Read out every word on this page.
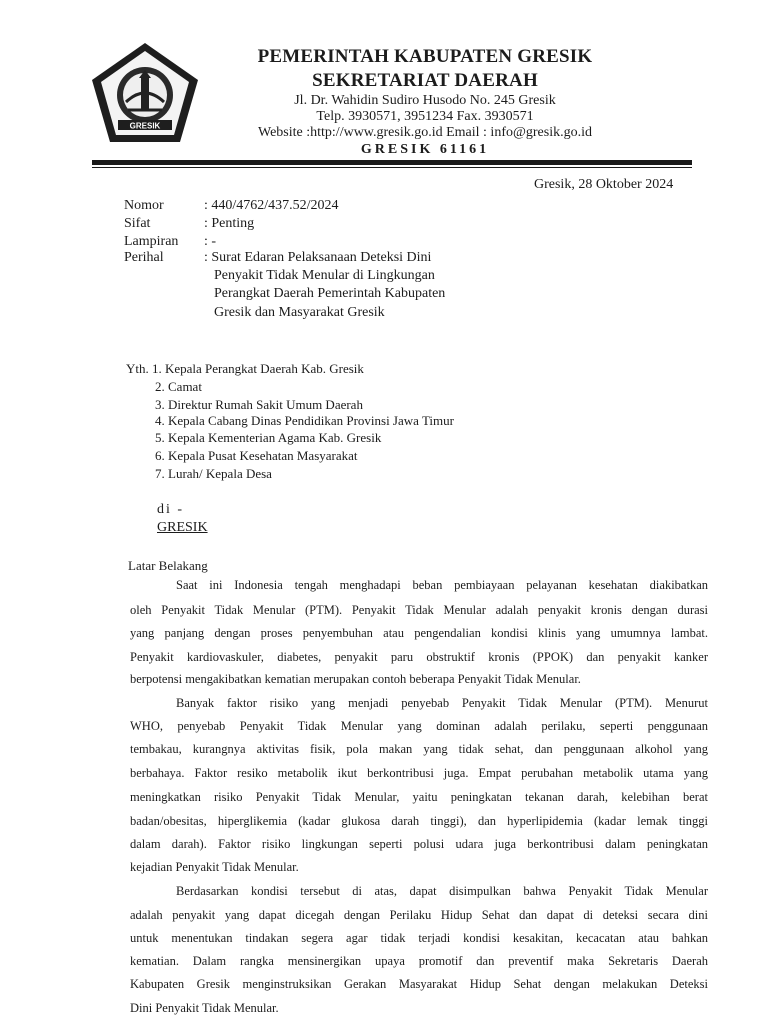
GRESIK
PEMERINTAH KABUPATEN GRESIK
SEKRETARIAT DAERAH
Jl. Dr. Wahidin Sudiro Husodo No. 245 Gresik
Telp. 3930571, 3951234 Fax. 3930571
Website :http://www.gresik.go.id Email : info@gresik.go.id
GRESIK 61161
Gresik, 28 Oktober 2024
Nomor	: 440/4762/437.52/2024
Sifat	: Penting
Lampiran : -
Perihal	: Surat Edaran Pelaksanaan Deteksi Dini
Penyakit Tidak Menular di Lingkungan
Perangkat Daerah Pemerintah Kabupaten
Gresik dan Masyarakat Gresik
Yth. 1. Kepala Perangkat Daerah Kab. Gresik
2. Camat
3. Direktur Rumah Sakit Umum Daerah
4. Kepala Cabang Dinas Pendidikan Provinsi Jawa Timur
5. Kepala Kementerian Agama Kab. Gresik
6. Kepala Pusat Kesehatan Masyarakat
7. Lurah/ Kepala Desa
di -
GRESIK
Latar Belakang
Saat ini Indonesia tengah menghadapi beban pembiayaan pelayanan kesehatan diakibatkan
oleh Penyakit Tidak Menular (PTM). Penyakit Tidak Menular adalah penyakit kronis dengan durasi
yang panjang dengan proses penyembuhan atau pengendalian kondisi klinis yang umumnya lambat.
Penyakit kardiovaskuler, diabetes, penyakit paru obstruktif kronis (PPOK) dan penyakit kanker
berpotensi mengakibatkan kematian merupakan contoh beberapa Penyakit Tidak Menular.
Banyak faktor risiko yang menjadi penyebab Penyakit Tidak Menular (PTM). Menurut
WHO, penyebab Penyakit Tidak Menular yang dominan adalah perilaku, seperti penggunaan
tembakau, kurangnya aktivitas fisik, pola makan yang tidak sehat, dan penggunaan alkohol yang
berbahaya. Faktor resiko metabolik ikut berkontribusi juga. Empat perubahan metabolik utama yang
meningkatkan risiko Penyakit Tidak Menular, yaitu peningkatan tekanan darah, kelebihan berat
badan/obesitas, hiperglikemia (kadar glukosa darah tinggi), dan hyperlipidemia (kadar lemak tinggi
dalam darah). Faktor risiko lingkungan seperti polusi udara juga berkontribusi dalam peningkatan
kejadian Penyakit Tidak Menular.
Berdasarkan kondisi tersebut di atas, dapat disimpulkan bahwa Penyakit Tidak Menular
adalah penyakit yang dapat dicegah dengan Perilaku Hidup Sehat dan dapat di deteksi secara dini
untuk menentukan tindakan segera agar tidak terjadi kondisi kesakitan, kecacatan atau bahkan
kematian. Dalam rangka mensinergikan upaya promotif dan preventif maka Sekretaris Daerah
Kabupaten Gresik menginstruksikan Gerakan Masyarakat Hidup Sehat dengan melakukan Deteksi
Dini Penyakit Tidak Menular.
